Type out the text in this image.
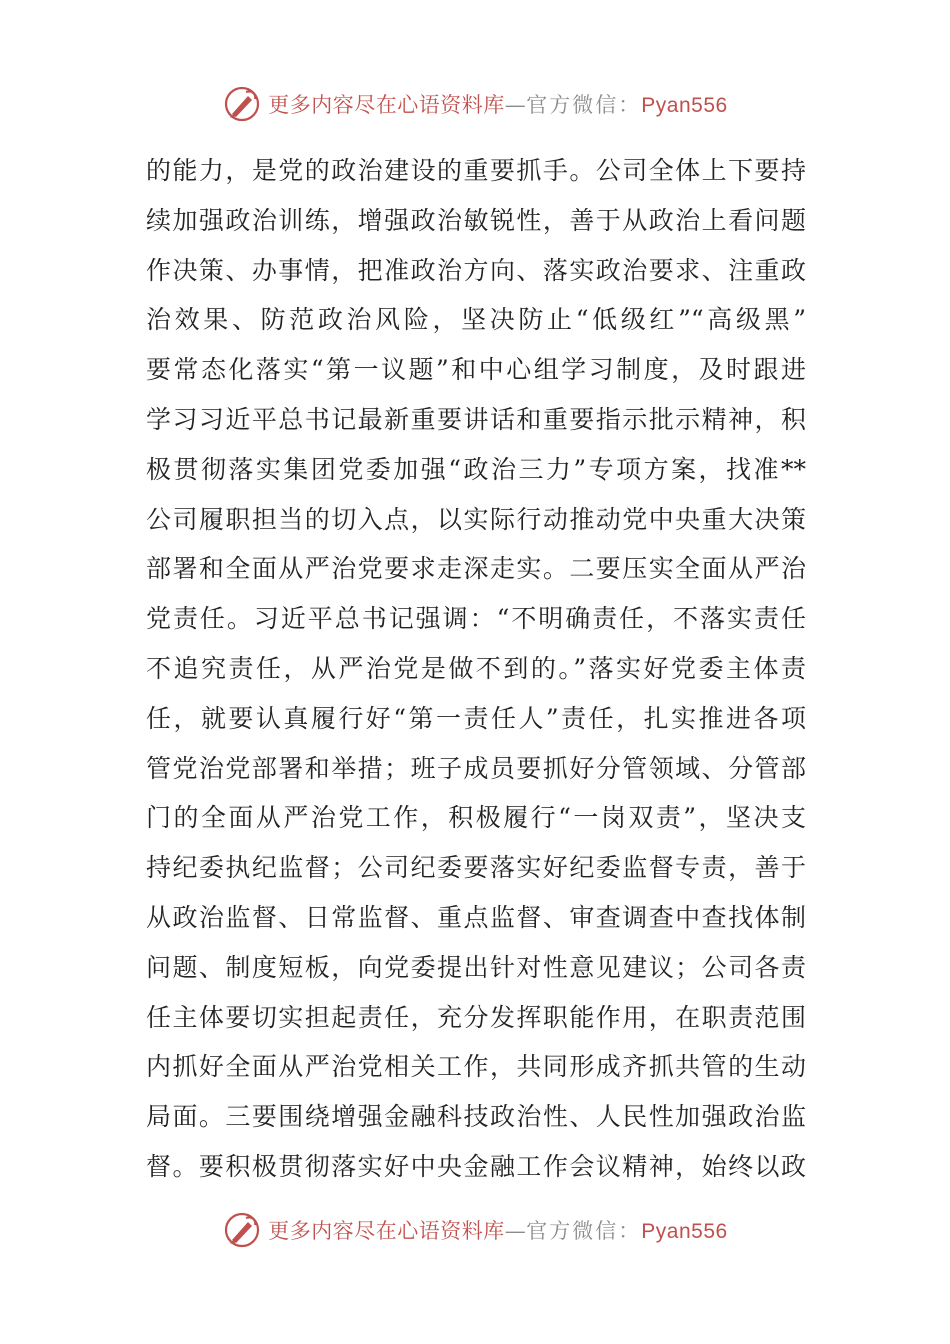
更多内容尽在心语资料库—官方微信：Pyan556
的能力，是党的政治建设的重要抓手。公司全体上下要持
续加强政治训练，增强政治敏锐性，善于从政治上看问题
作决策、办事情，把准政治方向、落实政治要求、注重政
治效果、防范政治风险，坚决防止“低级红”“高级黑”
要常态化落实“第一议题”和中心组学习制度，及时跟进
学习习近平总书记最新重要讲话和重要指示批示精神，积
极贯彻落实集团党委加强“政治三力”专项方案，找准**
公司履职担当的切入点，以实际行动推动党中央重大决策
部署和全面从严治党要求走深走实。二要压实全面从严治
党责任。习近平总书记强调：“不明确责任，不落实责任
不追究责任，从严治党是做不到的。”落实好党委主体责
任，就要认真履行好“第一责任人”责任，扎实推进各项
管党治党部署和举措；班子成员要抓好分管领域、分管部
门的全面从严治党工作，积极履行“一岗双责”，坚决支
持纪委执纪监督；公司纪委要落实好纪委监督专责，善于
从政治监督、日常监督、重点监督、审查调查中查找体制
问题、制度短板，向党委提出针对性意见建议；公司各责
任主体要切实担起责任，充分发挥职能作用，在职责范围
内抓好全面从严治党相关工作，共同形成齐抓共管的生动
局面。三要围绕增强金融科技政治性、人民性加强政治监
督。要积极贯彻落实好中央金融工作会议精神，始终以政
更多内容尽在心语资料库—官方微信：Pyan556
